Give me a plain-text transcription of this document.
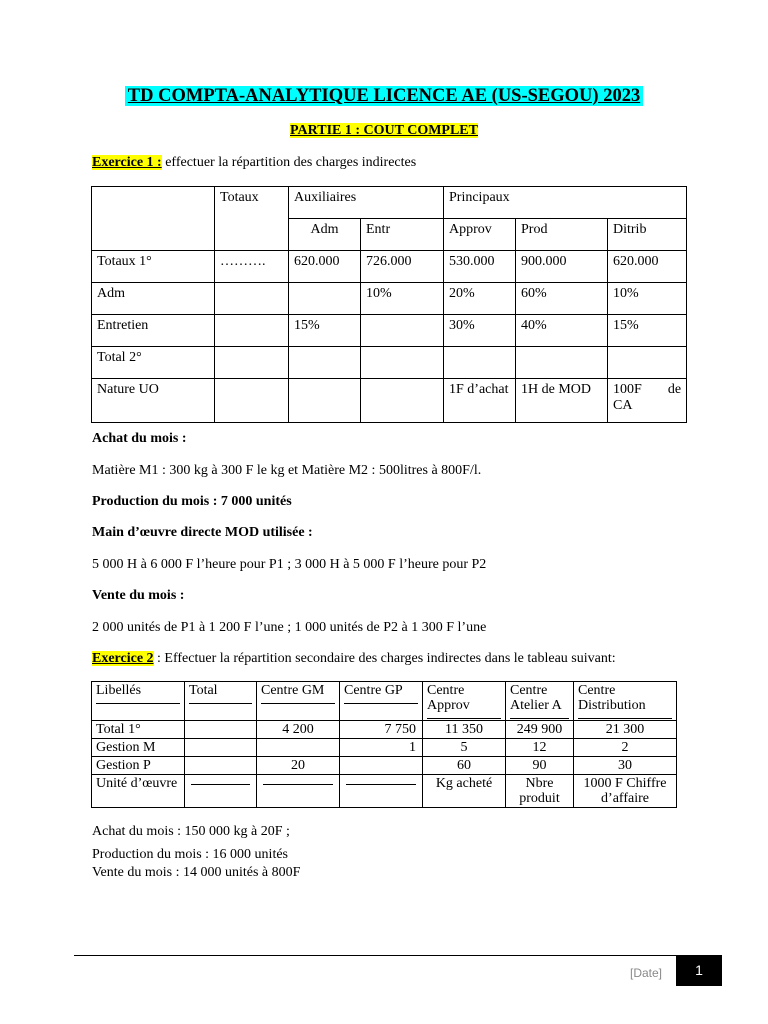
TD COMPTA-ANALYTIQUE LICENCE AE (US-SEGOU) 2023
PARTIE 1 : COUT COMPLET
Exercice 1 : effectuer la répartition des charges indirectes
	Totaux	Auxiliaires		Principaux		
		Adm	Entr	Approv	Prod	Ditrib
Totaux 1°	……….	620.000	726.000	530.000	900.000	620.000
Adm			10%	20%	60%	10%
Entretien		15%		30%	40%	15%
Total 2°						
Nature UO				1F d’achat	1H de MOD	100F de CA
Achat du mois :
Matière M1 : 300 kg à 300 F le kg et Matière M2 : 500litres à 800F/l.
Production du mois : 7 000 unités
Main d’œuvre directe MOD utilisée :
5 000 H à 6 000 F l’heure pour P1 ; 3 000 H à 5 000 F l’heure pour P2
Vente du mois :
2 000 unités de P1 à 1 200 F l’une ; 1 000 unités de P2 à 1 300 F l’une
Exercice 2 : Effectuer la répartition secondaire des charges indirectes dans le tableau suivant:
Libellés	Total	Centre GM	Centre GP	Centre Approv	Centre Atelier A	Centre Distribution

Total 1°		4 200	7 750	11 350	249 900	21 300
Gestion M			1	5	12	2
Gestion P		20		60	90	30
Unité d’œuvre				Kg acheté	Nbre produit	1000 F Chiffre d’affaire
Achat du mois : 150 000 kg à 20F ;
Production du mois : 16 000 unités
Vente du mois : 14 000 unités à 800F
[Date]	1
